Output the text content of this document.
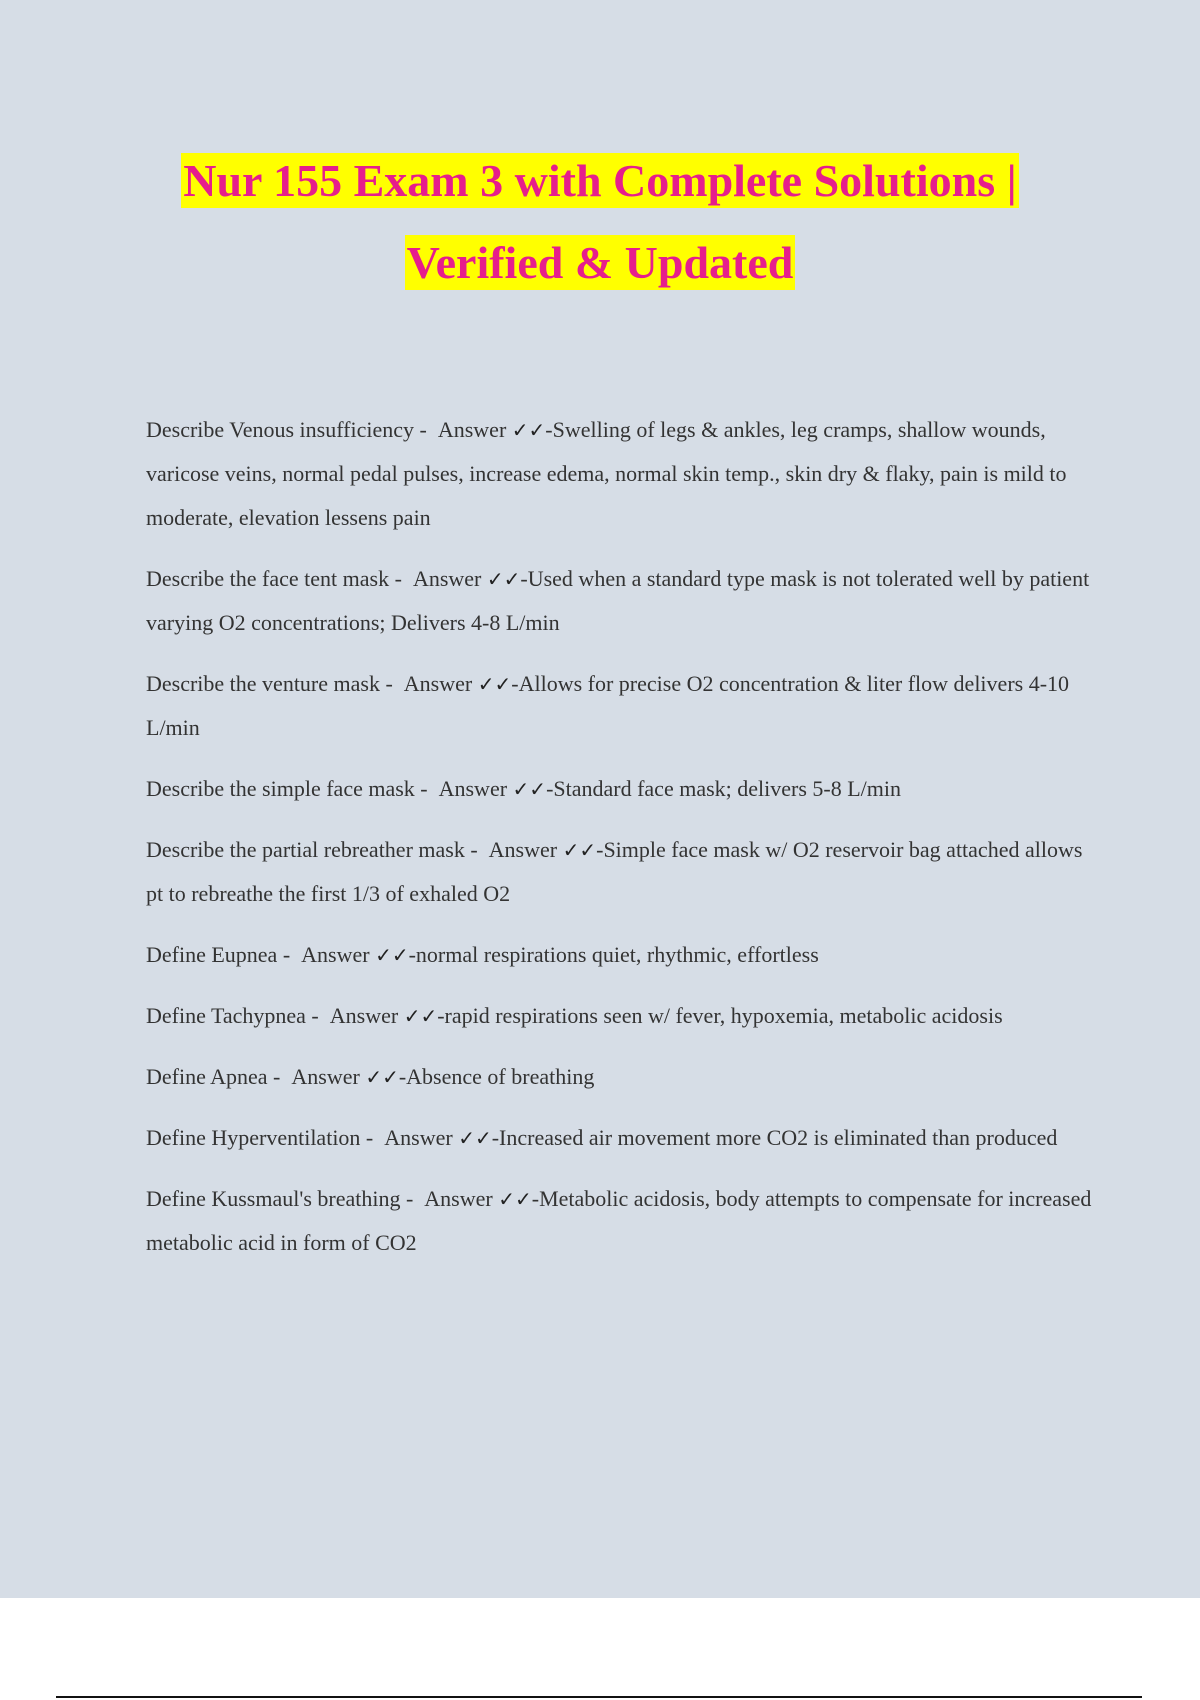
Nur 155 Exam 3 with Complete Solutions |
Verified & Updated
Describe Venous insufficiency - Answer ✓✓-Swelling of legs & ankles, leg cramps, shallow wounds, varicose veins, normal pedal pulses, increase edema, normal skin temp., skin dry & flaky, pain is mild to moderate, elevation lessens pain
Describe the face tent mask - Answer ✓✓-Used when a standard type mask is not tolerated well by patient varying O2 concentrations; Delivers 4-8 L/min
Describe the venture mask - Answer ✓✓-Allows for precise O2 concentration & liter flow delivers 4-10 L/min
Describe the simple face mask - Answer ✓✓-Standard face mask; delivers 5-8 L/min
Describe the partial rebreather mask - Answer ✓✓-Simple face mask w/ O2 reservoir bag attached allows pt to rebreathe the first 1/3 of exhaled O2
Define Eupnea - Answer ✓✓-normal respirations quiet, rhythmic, effortless
Define Tachypnea - Answer ✓✓-rapid respirations seen w/ fever, hypoxemia, metabolic acidosis
Define Apnea - Answer ✓✓-Absence of breathing
Define Hyperventilation - Answer ✓✓-Increased air movement more CO2 is eliminated than produced
Define Kussmaul's breathing - Answer ✓✓-Metabolic acidosis, body attempts to compensate for increased metabolic acid in form of CO2
